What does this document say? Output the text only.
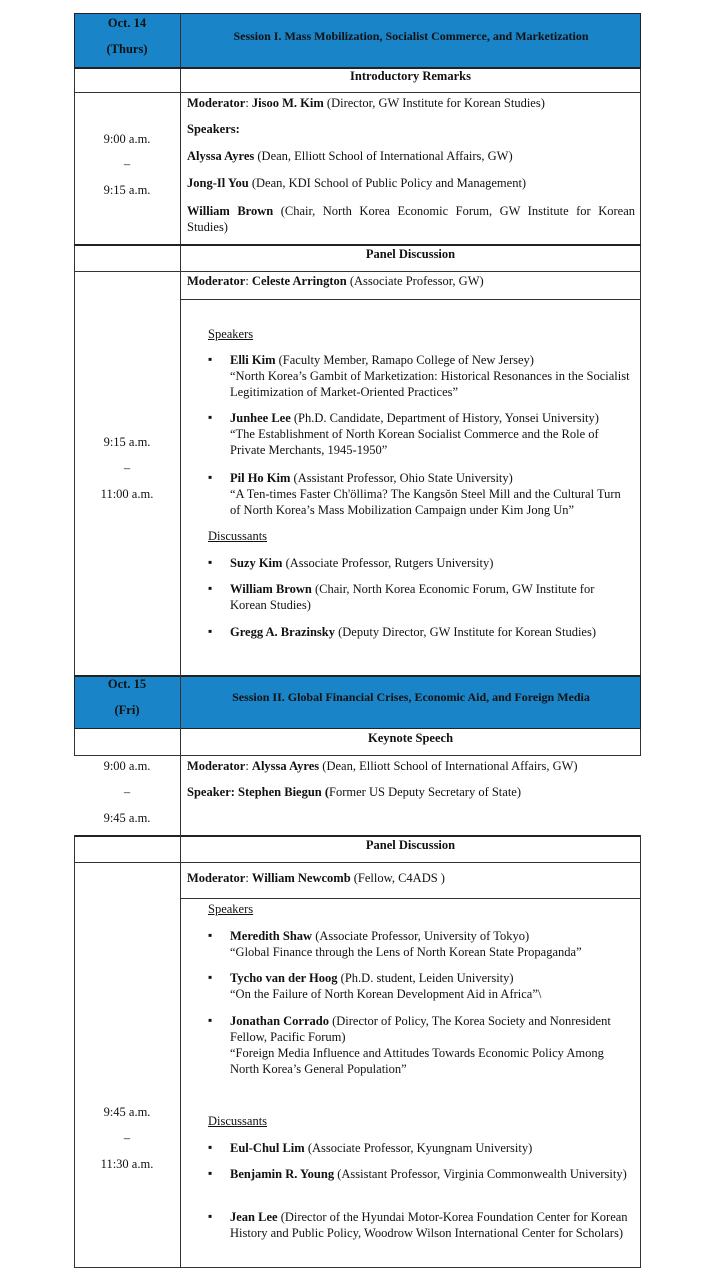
Oct. 14
(Thurs)
Session I. Mass Mobilization, Socialist Commerce, and Marketization
Introductory Remarks
9:00 a.m.
–
9:15 a.m.
Moderator: Jisoo M. Kim (Director, GW Institute for Korean Studies)
Speakers:
Alyssa Ayres (Dean, Elliott School of International Affairs, GW)
Jong-Il You (Dean, KDI School of Public Policy and Management)
William Brown (Chair, North Korea Economic Forum, GW Institute for Korean Studies)
Panel Discussion
Moderator: Celeste Arrington (Associate Professor, GW)
9:15 a.m.
–
11:00 a.m.
Speakers
▪ Elli Kim (Faculty Member, Ramapo College of New Jersey)
“North Korea’s Gambit of Marketization: Historical Resonances in the Socialist Legitimization of Market-Oriented Practices”
▪ Junhee Lee (Ph.D. Candidate, Department of History, Yonsei University)
“The Establishment of North Korean Socialist Commerce and the Role of Private Merchants, 1945-1950”
▪ Pil Ho Kim (Assistant Professor, Ohio State University)
“A Ten-times Faster Ch'öllima? The Kangsŏn Steel Mill and the Cultural Turn of North Korea’s Mass Mobilization Campaign under Kim Jong Un”
Discussants
▪ Suzy Kim (Associate Professor, Rutgers University)
▪ William Brown (Chair, North Korea Economic Forum, GW Institute for Korean Studies)
▪ Gregg A. Brazinsky (Deputy Director, GW Institute for Korean Studies)
Oct. 15
(Fri)
Session II. Global Financial Crises, Economic Aid, and Foreign Media
Keynote Speech
9:00 a.m.
–
9:45 a.m.
Moderator: Alyssa Ayres (Dean, Elliott School of International Affairs, GW)
Speaker: Stephen Biegun (Former US Deputy Secretary of State)
Panel Discussion
Moderator: William Newcomb (Fellow, C4ADS )
9:45 a.m.
–
11:30 a.m.
Speakers
▪ Meredith Shaw (Associate Professor, University of Tokyo)
“Global Finance through the Lens of North Korean State Propaganda”
▪ Tycho van der Hoog (Ph.D. student, Leiden University)
“On the Failure of North Korean Development Aid in Africa”\
▪ Jonathan Corrado (Director of Policy, The Korea Society and Nonresident Fellow, Pacific Forum)
“Foreign Media Influence and Attitudes Towards Economic Policy Among North Korea’s General Population”
Discussants
▪ Eul-Chul Lim (Associate Professor, Kyungnam University)
▪ Benjamin R. Young (Assistant Professor, Virginia Commonwealth University)
▪ Jean Lee (Director of the Hyundai Motor-Korea Foundation Center for Korean History and Public Policy, Woodrow Wilson International Center for Scholars)
